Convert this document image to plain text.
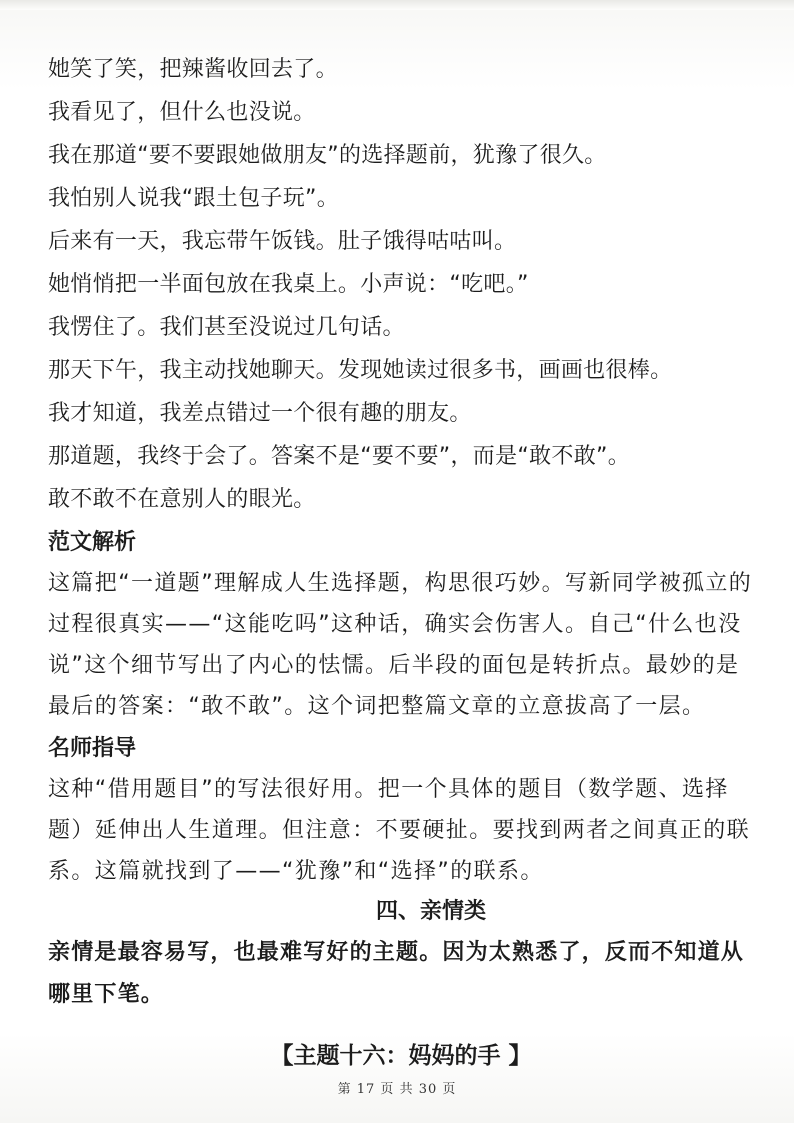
她笑了笑，把辣酱收回去了。
我看见了，但什么也没说。
我在那道“要不要跟她做朋友”的选择题前，犹豫了很久。
我怕别人说我“跟土包子玩”。
后来有一天，我忘带午饭钱。肚子饿得咕咕叫。
她悄悄把一半面包放在我桌上。小声说：“吃吧。”
我愣住了。我们甚至没说过几句话。
那天下午，我主动找她聊天。发现她读过很多书，画画也很棒。
我才知道，我差点错过一个很有趣的朋友。
那道题，我终于会了。答案不是“要不要”，而是“敢不敢”。
敢不敢不在意别人的眼光。
范文解析
这篇把“一道题”理解成人生选择题，构思很巧妙。写新同学被孤立的过程很真实——“这能吃吗”这种话，确实会伤害人。自己“什么也没说”这个细节写出了内心的怯懦。后半段的面包是转折点。最妙的是最后的答案：“敢不敢”。这个词把整篇文章的立意拔高了一层。
名师指导
这种“借用题目”的写法很好用。把一个具体的题目（数学题、选择题）延伸出人生道理。但注意：不要硬扯。要找到两者之间真正的联系。这篇就找到了——“犹豫”和“选择”的联系。
四、亲情类
亲情是最容易写，也最难写好的主题。因为太熟悉了，反而不知道从哪里下笔。
【主题十六：妈妈的手 】
第 17 页 共 30 页
